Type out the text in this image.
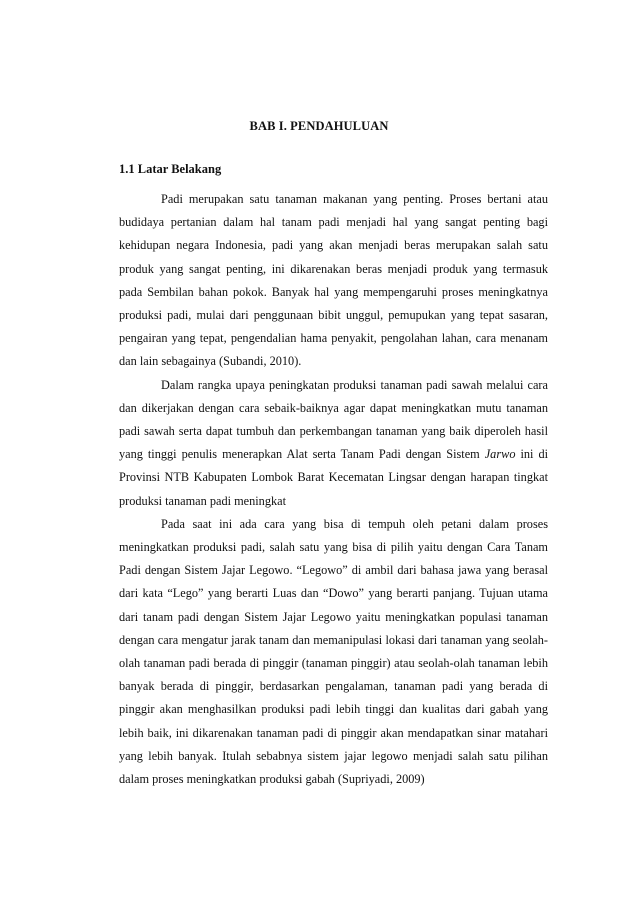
BAB I. PENDAHULUAN
1.1 Latar Belakang

Padi merupakan satu tanaman makanan yang penting. Proses bertani atau budidaya pertanian dalam hal tanam padi menjadi hal yang sangat penting bagi kehidupan negara Indonesia, padi yang akan menjadi beras merupakan salah satu produk yang sangat penting, ini dikarenakan beras menjadi produk yang termasuk pada Sembilan bahan pokok. Banyak hal yang mempengaruhi proses meningkatnya produksi padi, mulai dari penggunaan bibit unggul, pemupukan yang tepat sasaran, pengairan yang tepat, pengendalian hama penyakit, pengolahan lahan, cara menanam dan lain sebagainya (Subandi, 2010).

Dalam rangka upaya peningkatan produksi tanaman padi sawah melalui cara dan dikerjakan dengan cara sebaik-baiknya agar dapat meningkatkan mutu tanaman padi sawah serta dapat tumbuh dan perkembangan tanaman yang baik diperoleh hasil yang tinggi penulis menerapkan Alat serta Tanam Padi dengan Sistem Jarwo ini di Provinsi NTB Kabupaten Lombok Barat Kecematan Lingsar dengan harapan tingkat produksi tanaman padi meningkat

Pada saat ini ada cara yang bisa di tempuh oleh petani dalam proses meningkatkan produksi padi, salah satu yang bisa di pilih yaitu dengan Cara Tanam Padi dengan Sistem Jajar Legowo. “Legowo” di ambil dari bahasa jawa yang berasal dari kata “Lego” yang berarti Luas dan “Dowo” yang berarti panjang. Tujuan utama dari tanam padi dengan Sistem Jajar Legowo yaitu meningkatkan populasi tanaman dengan cara mengatur jarak tanam dan memanipulasi lokasi dari tanaman yang seolah-olah tanaman padi berada di pinggir (tanaman pinggir) atau seolah-olah tanaman lebih banyak berada di pinggir, berdasarkan pengalaman, tanaman padi yang berada di pinggir akan menghasilkan produksi padi lebih tinggi dan kualitas dari gabah yang lebih baik, ini dikarenakan tanaman padi di pinggir akan mendapatkan sinar matahari yang lebih banyak. Itulah sebabnya sistem jajar legowo menjadi salah satu pilihan dalam proses meningkatkan produksi gabah (Supriyadi, 2009)
